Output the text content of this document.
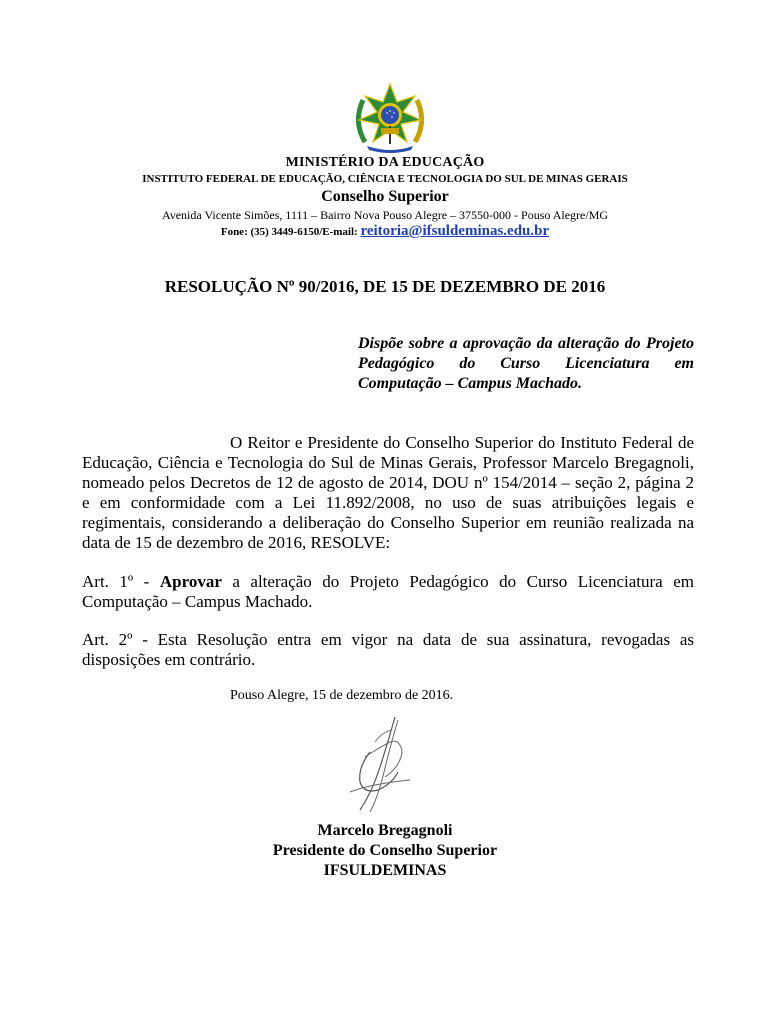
MINISTÉRIO DA EDUCAÇÃO
INSTITUTO FEDERAL DE EDUCAÇÃO, CIÊNCIA E TECNOLOGIA DO SUL DE MINAS GERAIS
Conselho Superior
Avenida Vicente Simões, 1111 – Bairro Nova Pouso Alegre – 37550-000 - Pouso Alegre/MG
Fone: (35) 3449-6150/E-mail: reitoria@ifsuldeminas.edu.br
RESOLUÇÃO Nº 90/2016, DE 15 DE DEZEMBRO DE 2016
Dispõe sobre a aprovação da alteração do Projeto Pedagógico do Curso Licenciatura em Computação – Campus Machado.
O Reitor e Presidente do Conselho Superior do Instituto Federal de Educação, Ciência e Tecnologia do Sul de Minas Gerais, Professor Marcelo Bregagnoli, nomeado pelos Decretos de 12 de agosto de 2014, DOU nº 154/2014 – seção 2, página 2 e em conformidade com a Lei 11.892/2008, no uso de suas atribuições legais e regimentais, considerando a deliberação do Conselho Superior em reunião realizada na data de 15 de dezembro de 2016, RESOLVE:
Art. 1º - Aprovar a alteração do Projeto Pedagógico do Curso Licenciatura em Computação – Campus Machado.
Art. 2º - Esta Resolução entra em vigor na data de sua assinatura, revogadas as disposições em contrário.
Pouso Alegre, 15 de dezembro de 2016.
Marcelo Bregagnoli
Presidente do Conselho Superior
IFSULDEMINAS
